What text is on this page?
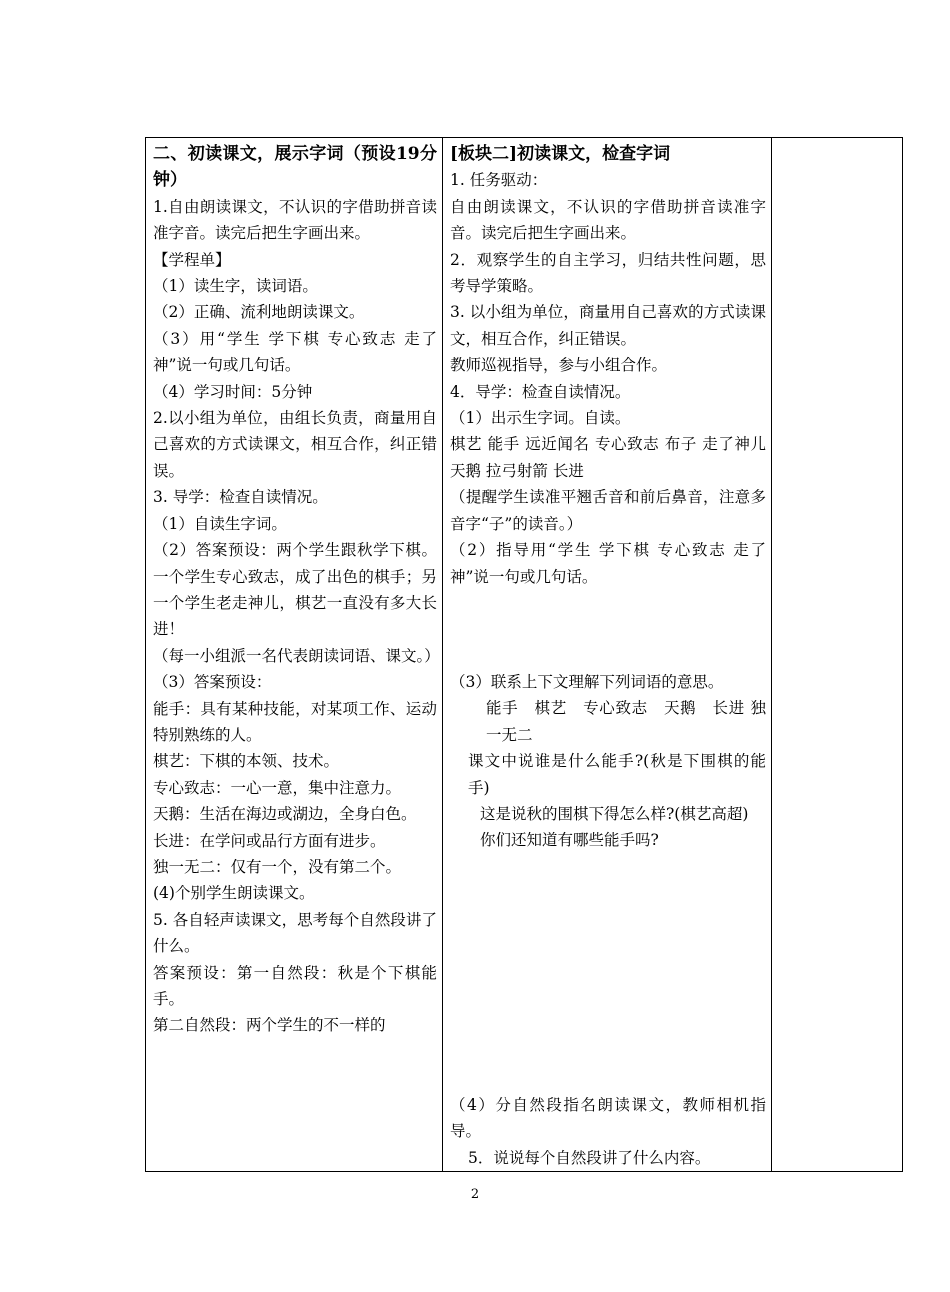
二、初读课文，展示字词（预设19分钟）

1.自由朗读课文，不认识的字借助拼音读准字音。读完后把生字画出来。

【学程单】

（1）读生字，读词语。

（2）正确、流利地朗读课文。

（3）用“学生 学下棋 专心致志 走了神”说一句或几句话。

（4）学习时间：5分钟

2.以小组为单位，由组长负责，商量用自己喜欢的方式读课文，相互合作，纠正错误。

3. 导学：检查自读情况。

（1）自读生字词。

（2）答案预设：两个学生跟秋学下棋。一个学生专心致志，成了出色的棋手；另一个学生老走神儿，棋艺一直没有多大长进！

（每一小组派一名代表朗读词语、课文。）

（3）答案预设：

能手：具有某种技能，对某项工作、运动特别熟练的人。

棋艺：下棋的本领、技术。

专心致志：一心一意，集中注意力。

天鹅：生活在海边或湖边，全身白色。

长进：在学问或品行方面有进步。

独一无二：仅有一个，没有第二个。

(4)个别学生朗读课文。

5. 各自轻声读课文，思考每个自然段讲了什么。

答案预设：第一自然段：秋是个下棋能手。

第二自然段：两个学生的不一样的

[板块二]初读课文，检查字词

1. 任务驱动：

自由朗读课文，不认识的字借助拼音读准字音。读完后把生字画出来。

2．观察学生的自主学习，归结共性问题，思考导学策略。

3. 以小组为单位，商量用自己喜欢的方式读课文，相互合作，纠正错误。

教师巡视指导，参与小组合作。

4．导学：检查自读情况。

（1）出示生字词。自读。

棋艺 能手 远近闻名 专心致志 布子 走了神儿 天鹅 拉弓射箭 长进

（提醒学生读准平翘舌音和前后鼻音，注意多音字“子”的读音。）

（2）指导用“学生 学下棋 专心致志 走了神”说一句或几句话。

（3）联系上下文理解下列词语的意思。

能手　棋艺　专心致志　天鹅　长进 独一无二

课文中说谁是什么能手?(秋是下围棋的能手)

这是说秋的围棋下得怎么样?(棋艺高超)

你们还知道有哪些能手吗?

（4）分自然段指名朗读课文，教师相机指导。

5．说说每个自然段讲了什么内容。

2
